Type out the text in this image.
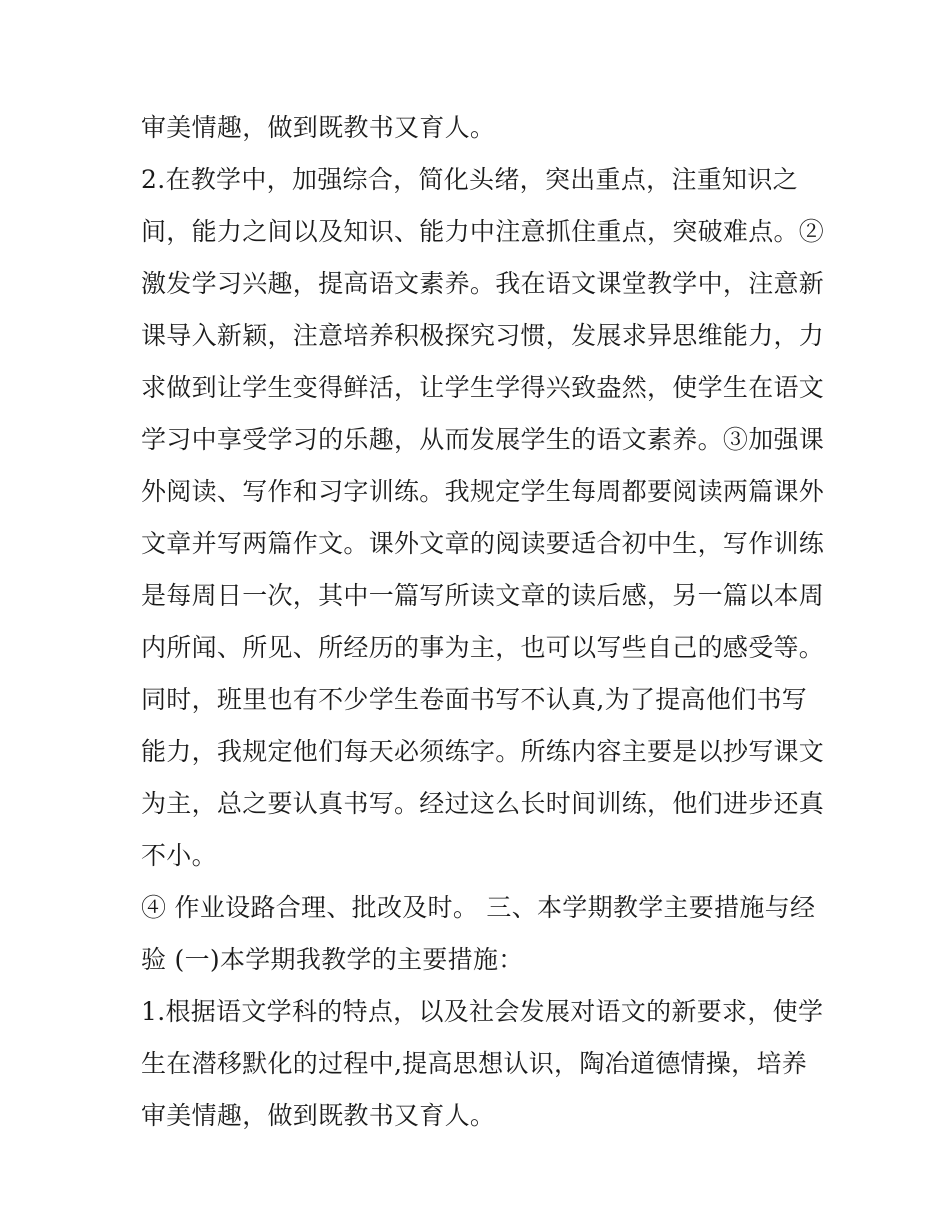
审美情趣，做到既教书又育人。
2.在教学中，加强综合，简化头绪，突出重点，注重知识之
间，能力之间以及知识、能力中注意抓住重点，突破难点。②
激发学习兴趣，提高语文素养。我在语文课堂教学中，注意新
课导入新颖，注意培养积极探究习惯，发展求异思维能力，力
求做到让学生变得鲜活，让学生学得兴致盎然，使学生在语文
学习中享受学习的乐趣，从而发展学生的语文素养。③加强课
外阅读、写作和习字训练。我规定学生每周都要阅读两篇课外
文章并写两篇作文。课外文章的阅读要适合初中生，写作训练
是每周日一次，其中一篇写所读文章的读后感，另一篇以本周
内所闻、所见、所经历的事为主，也可以写些自己的感受等。
同时，班里也有不少学生卷面书写不认真,为了提高他们书写
能力，我规定他们每天必须练字。所练内容主要是以抄写课文
为主，总之要认真书写。经过这么长时间训练，他们进步还真
不小。
④ 作业设路合理、批改及时。 三、本学期教学主要措施与经
验 (一)本学期我教学的主要措施：
1.根据语文学科的特点，以及社会发展对语文的新要求，使学
生在潜移默化的过程中,提高思想认识，陶冶道德情操，培养
审美情趣，做到既教书又育人。
